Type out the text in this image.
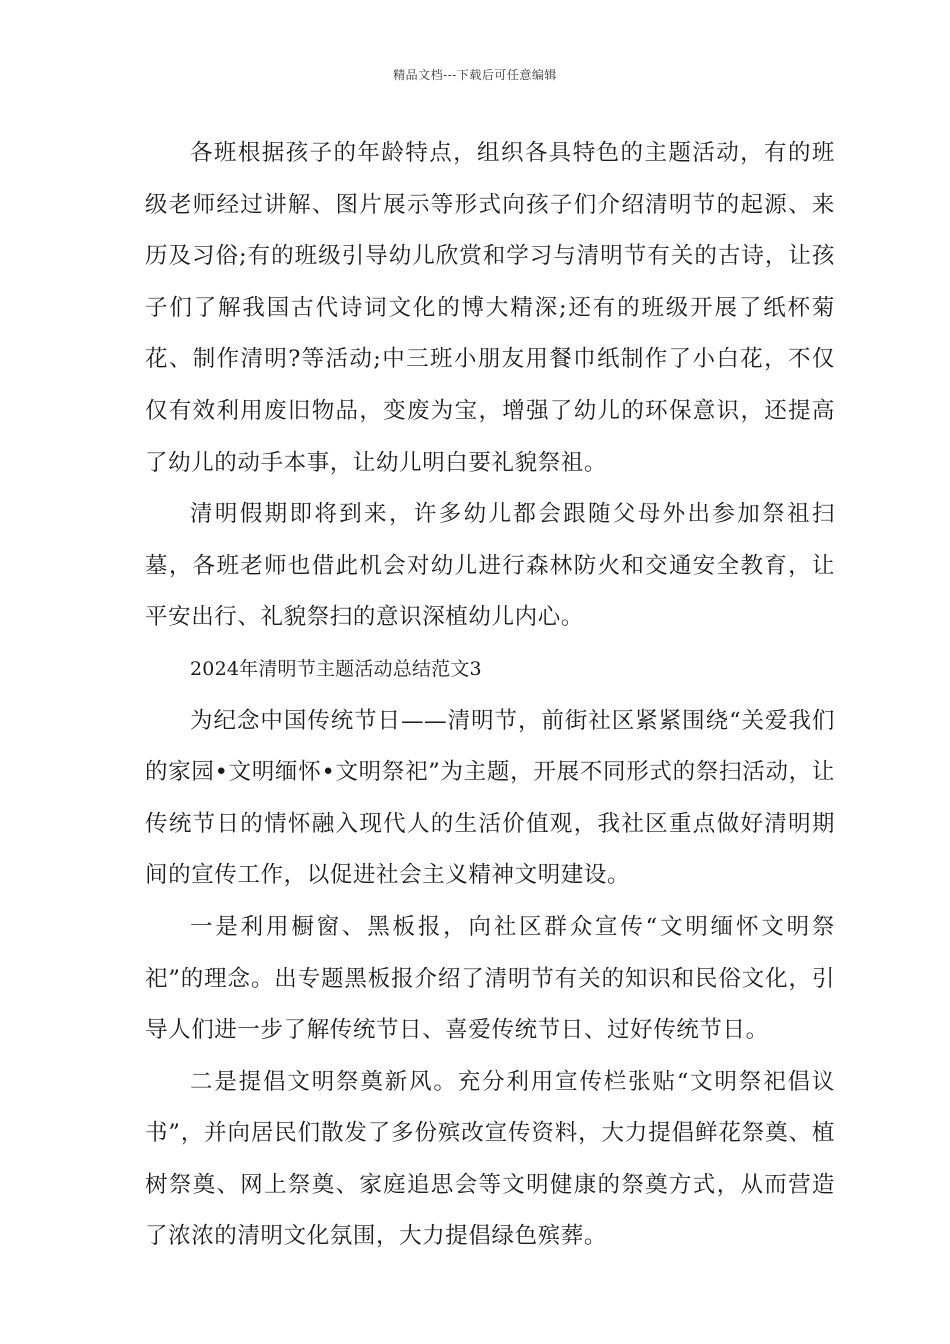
精品文档---下载后可任意编辑

各班根据孩子的年龄特点，组织各具特色的主题活动，有的班级老师经过讲解、图片展示等形式向孩子们介绍清明节的起源、来历及习俗;有的班级引导幼儿欣赏和学习与清明节有关的古诗，让孩子们了解我国古代诗词文化的博大精深;还有的班级开展了纸杯菊花、制作清明?等活动;中三班小朋友用餐巾纸制作了小白花，不仅仅有效利用废旧物品，变废为宝，增强了幼儿的环保意识，还提高了幼儿的动手本事，让幼儿明白要礼貌祭祖。

清明假期即将到来，许多幼儿都会跟随父母外出参加祭祖扫墓，各班老师也借此机会对幼儿进行森林防火和交通安全教育，让平安出行、礼貌祭扫的意识深植幼儿内心。

2024年清明节主题活动总结范文3

为纪念中国传统节日——清明节，前街社区紧紧围绕“关爱我们的家园•文明缅怀•文明祭祀”为主题，开展不同形式的祭扫活动，让传统节日的情怀融入现代人的生活价值观，我社区重点做好清明期间的宣传工作，以促进社会主义精神文明建设。

一是利用橱窗、黑板报，向社区群众宣传“文明缅怀文明祭祀”的理念。出专题黑板报介绍了清明节有关的知识和民俗文化，引导人们进一步了解传统节日、喜爱传统节日、过好传统节日。

二是提倡文明祭奠新风。充分利用宣传栏张贴“文明祭祀倡议书”，并向居民们散发了多份殡改宣传资料，大力提倡鲜花祭奠、植树祭奠、网上祭奠、家庭追思会等文明健康的祭奠方式，从而营造了浓浓的清明文化氛围，大力提倡绿色殡葬。
